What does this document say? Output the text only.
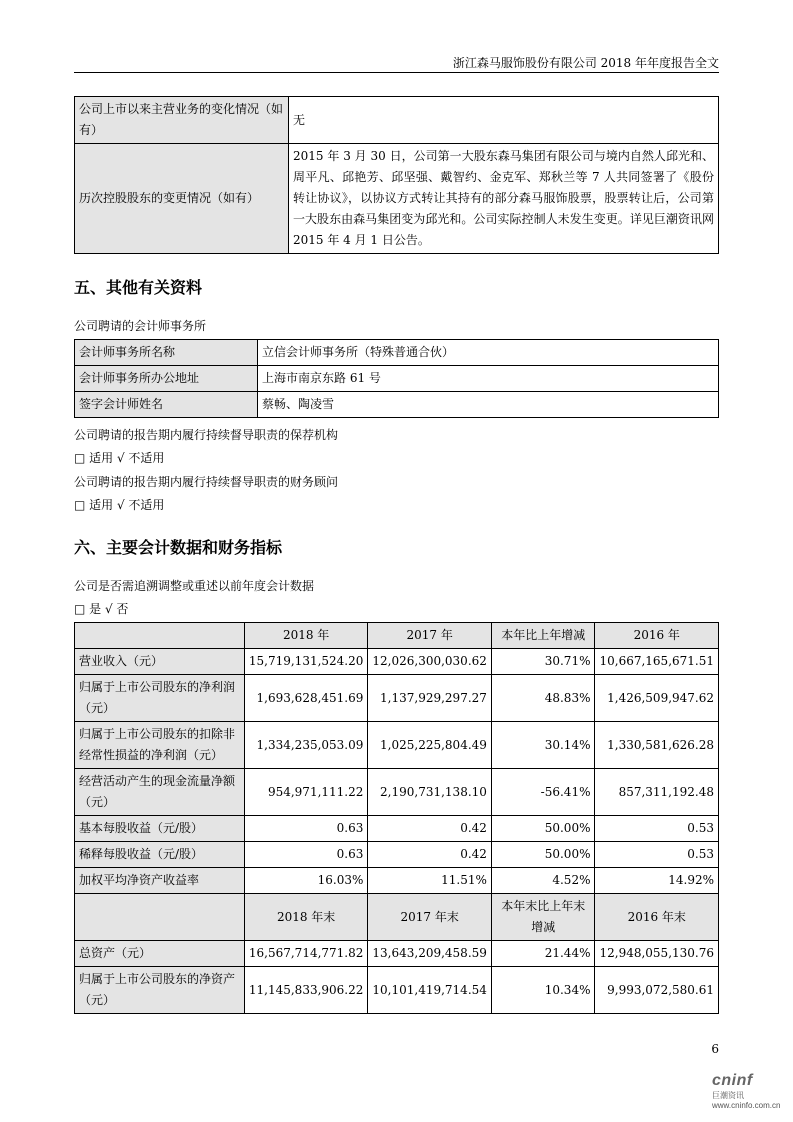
浙江森马服饰股份有限公司 2018 年年度报告全文
公司上市以来主营业务的变化情况（如有）	无
历次控股股东的变更情况（如有）	2015 年 3 月 30 日，公司第一大股东森马集团有限公司与境内自然人邱光和、周平凡、邱艳芳、邱坚强、戴智约、金克军、郑秋兰等 7 人共同签署了《股份转让协议》，以协议方式转让其持有的部分森马服饰股票，股票转让后，公司第一大股东由森马集团变为邱光和。公司实际控制人未发生变更。详见巨潮资讯网 2015 年 4 月 1 日公告。
五、其他有关资料
公司聘请的会计师事务所
会计师事务所名称	立信会计师事务所（特殊普通合伙）
会计师事务所办公地址	上海市南京东路 61 号
签字会计师姓名	蔡畅、陶凌雪
公司聘请的报告期内履行持续督导职责的保荐机构
□ 适用 √ 不适用
公司聘请的报告期内履行持续督导职责的财务顾问
□ 适用 √ 不适用
六、主要会计数据和财务指标
公司是否需追溯调整或重述以前年度会计数据
□ 是 √ 否
	2018 年	2017 年	本年比上年增减	2016 年
营业收入（元）	15,719,131,524.20	12,026,300,030.62	30.71%	10,667,165,671.51
归属于上市公司股东的净利润（元）	1,693,628,451.69	1,137,929,297.27	48.83%	1,426,509,947.62
归属于上市公司股东的扣除非经常性损益的净利润（元）	1,334,235,053.09	1,025,225,804.49	30.14%	1,330,581,626.28
经营活动产生的现金流量净额（元）	954,971,111.22	2,190,731,138.10	-56.41%	857,311,192.48
基本每股收益（元/股）	0.63	0.42	50.00%	0.53
稀释每股收益（元/股）	0.63	0.42	50.00%	0.53
加权平均净资产收益率	16.03%	11.51%	4.52%	14.92%
	2018 年末	2017 年末	本年末比上年末增减	2016 年末
总资产（元）	16,567,714,771.82	13,643,209,458.59	21.44%	12,948,055,130.76
归属于上市公司股东的净资产（元）	11,145,833,906.22	10,101,419,714.54	10.34%	9,993,072,580.61
6
cninf
巨潮资讯
www.cninfo.com.cn
